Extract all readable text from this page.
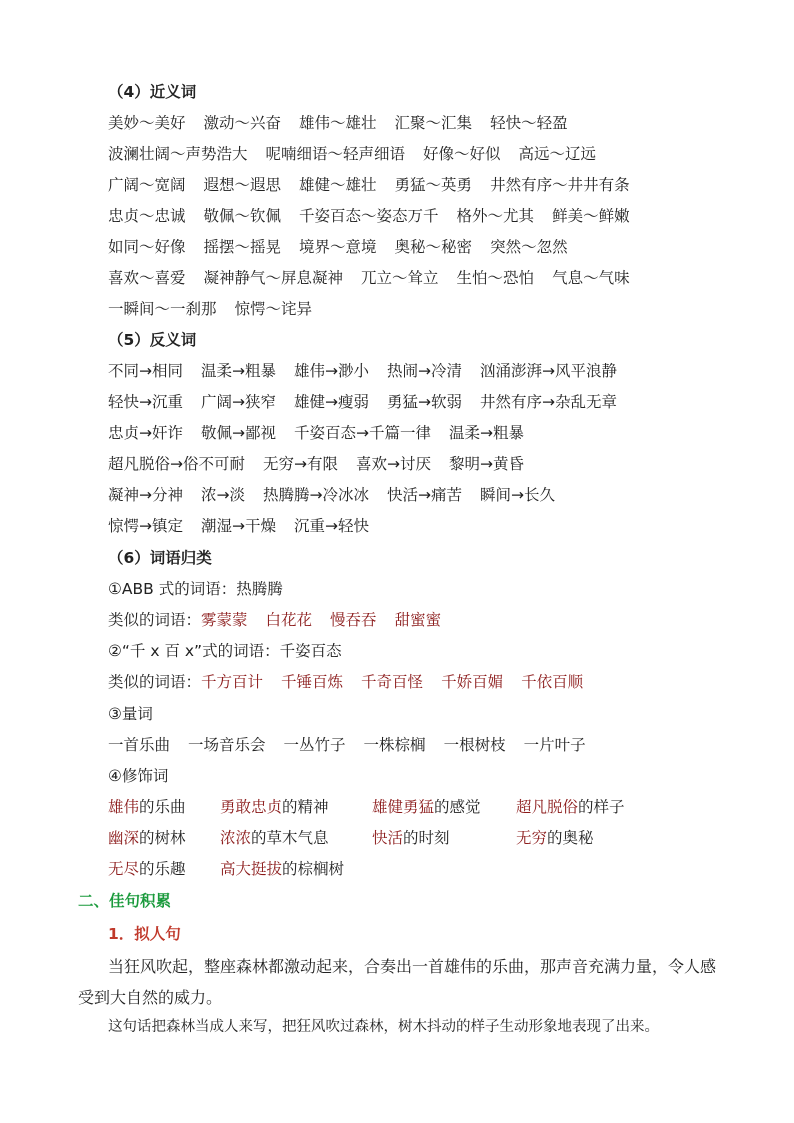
（4）近义词
美妙～美好 激动～兴奋 雄伟～雄壮 汇聚～汇集 轻快～轻盈
波澜壮阔～声势浩大 呢喃细语～轻声细语 好像～好似 高远～辽远
广阔～宽阔 遐想～遐思 雄健～雄壮 勇猛～英勇 井然有序～井井有条
忠贞～忠诚 敬佩～钦佩 千姿百态～姿态万千 格外～尤其 鲜美～鲜嫩
如同～好像 摇摆～摇晃 境界～意境 奥秘～秘密 突然～忽然
喜欢～喜爱 凝神静气～屏息凝神 兀立～耸立 生怕～恐怕 气息～气味
一瞬间～一刹那 惊愕～诧异
（5）反义词
不同→相同 温柔→粗暴 雄伟→渺小 热闹→冷清 汹涌澎湃→风平浪静
轻快→沉重 广阔→狭窄 雄健→瘦弱 勇猛→软弱 井然有序→杂乱无章
忠贞→奸诈 敬佩→鄙视 千姿百态→千篇一律 温柔→粗暴
超凡脱俗→俗不可耐 无穷→有限 喜欢→讨厌 黎明→黄昏
凝神→分神 浓→淡 热腾腾→冷冰冰 快活→痛苦 瞬间→长久
惊愕→镇定 潮湿→干燥 沉重→轻快
（6）词语归类
①ABB 式的词语：热腾腾
类似的词语：雾蒙蒙 白花花 慢吞吞 甜蜜蜜
②“千 x 百 x”式的词语：千姿百态
类似的词语：千方百计 千锤百炼 千奇百怪 千娇百媚 千依百顺
③量词
一首乐曲 一场音乐会 一丛竹子 一株棕榈 一根树枝 一片叶子
④修饰词
雄伟的乐曲 勇敢忠贞的精神	雄健勇猛的感觉 超凡脱俗的样子
幽深的树林 浓浓的草木气息	快活的时刻	无穷的奥秘
无尽的乐趣 高大挺拔的棕榈树
二、佳句积累
1．拟人句
当狂风吹起，整座森林都激动起来，合奏出一首雄伟的乐曲，那声音充满力量，令人感受到大自然的威力。
这句话把森林当成人来写，把狂风吹过森林，树木抖动的样子生动形象地表现了出来。
